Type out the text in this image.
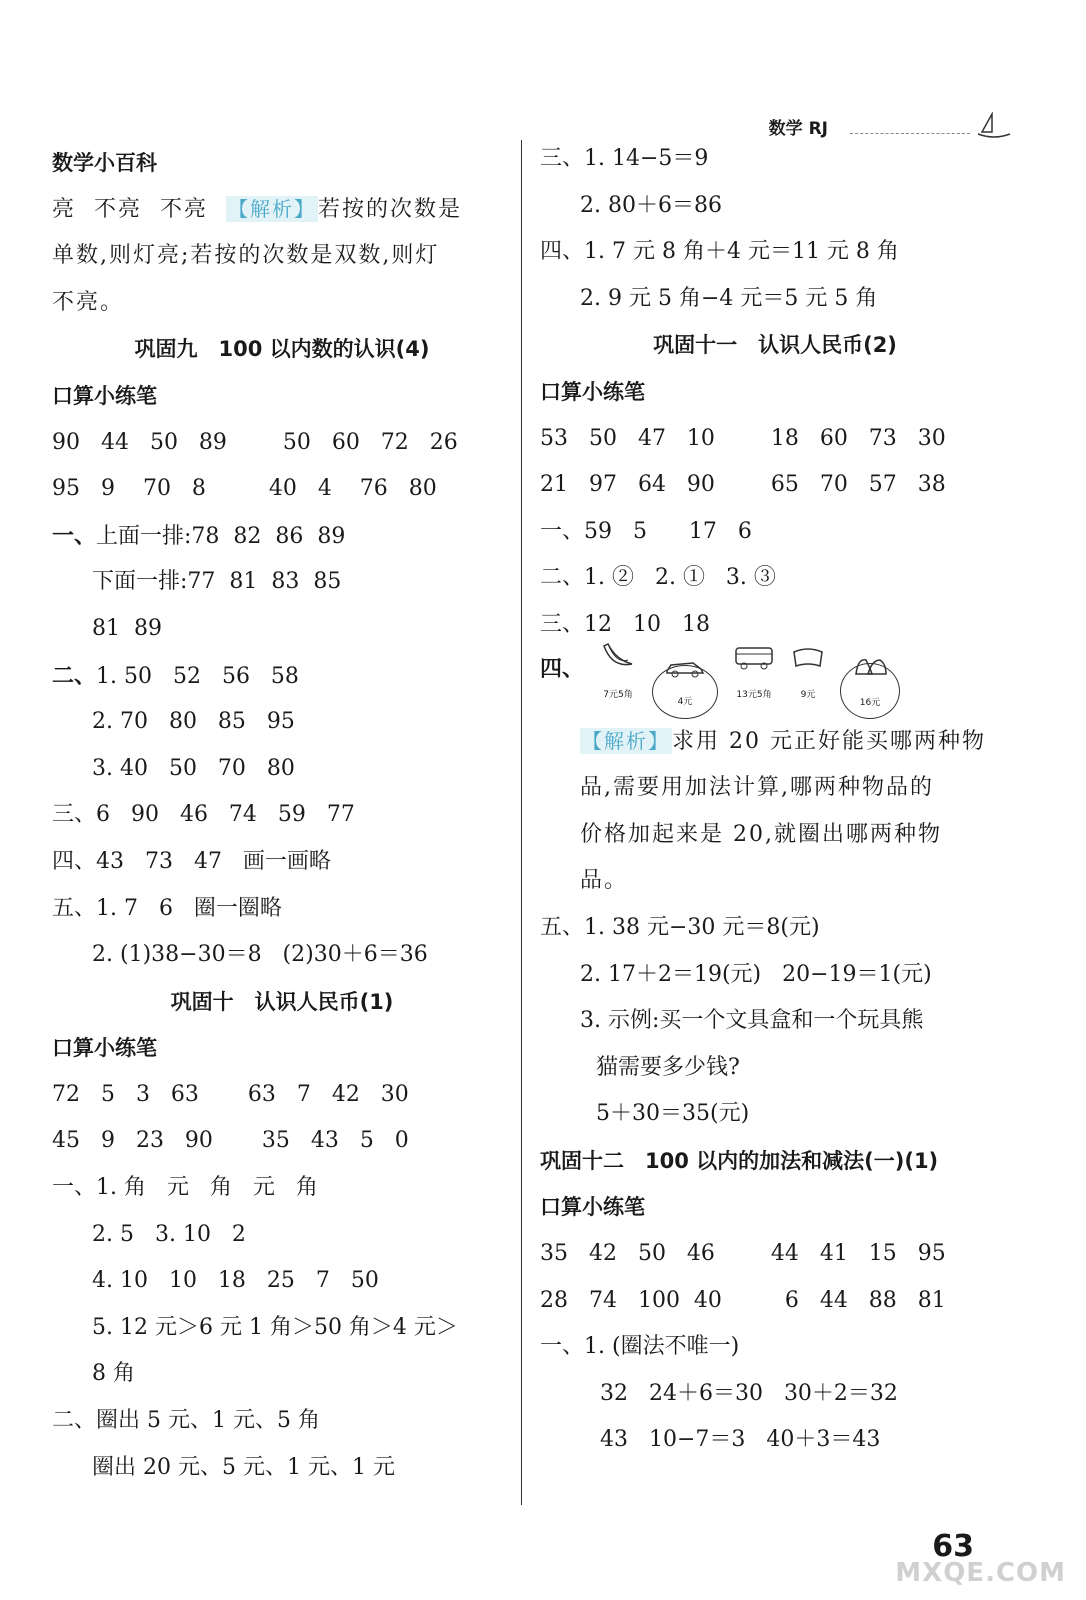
数学 RJ
数学小百科
亮  不亮  不亮 【解析】若按的次数是
单数,则灯亮;若按的次数是双数,则灯
不亮。
巩固九　100 以内数的认识(4)
口算小练笔
90   44   50   89        50   60   72   26
95   9    70   8         40   4    76   80
一、上面一排:78  82  86  89
下面一排:77  81  83  85
81  89
二、1. 50   52   56   58
2. 70   80   85   95
3. 40   50   70   80
三、6   90   46   74   59   77
四、43   73   47   画一画略
五、1. 7   6   圈一圈略
2. (1)38−30＝8   (2)30＋6＝36
巩固十　认识人民币(1)
口算小练笔
72   5   3   63       63   7   42   30
45   9   23   90       35   43   5   0
一、1. 角   元   角   元   角
2. 5   3. 10   2
4. 10   10   18   25   7   50
5. 12 元＞6 元 1 角＞50 角＞4 元＞
8 角
二、圈出 5 元、1 元、5 角
圈出 20 元、5 元、1 元、1 元
三、1. 14−5＝9
2. 80＋6＝86
四、1. 7 元 8 角＋4 元＝11 元 8 角
2. 9 元 5 角−4 元＝5 元 5 角
巩固十一　认识人民币(2)
口算小练笔
53   50   47   10        18   60   73   30
21   97   64   90        65   70   57   38
一、59   5      17   6
二、1. ②   2. ①   3. ③
三、12   10   18
四、
7元5角
4元
13元5角	9元
16元
【解析】求用 20 元正好能买哪两种物
品,需要用加法计算,哪两种物品的
价格加起来是 20,就圈出哪两种物
品。
五、1. 38 元−30 元＝8(元)
2. 17＋2＝19(元)   20−19＝1(元)
3. 示例:买一个文具盒和一个玩具熊
猫需要多少钱?
5＋30＝35(元)
巩固十二　100 以内的加法和减法(一)(1)
口算小练笔
35   42   50   46        44   41   15   95
28   74   100  40         6   44   88   81
一、1. (圈法不唯一)
32   24＋6＝30   30＋2＝32
43   10−7＝3   40＋3＝43
63
MXQE.COM
